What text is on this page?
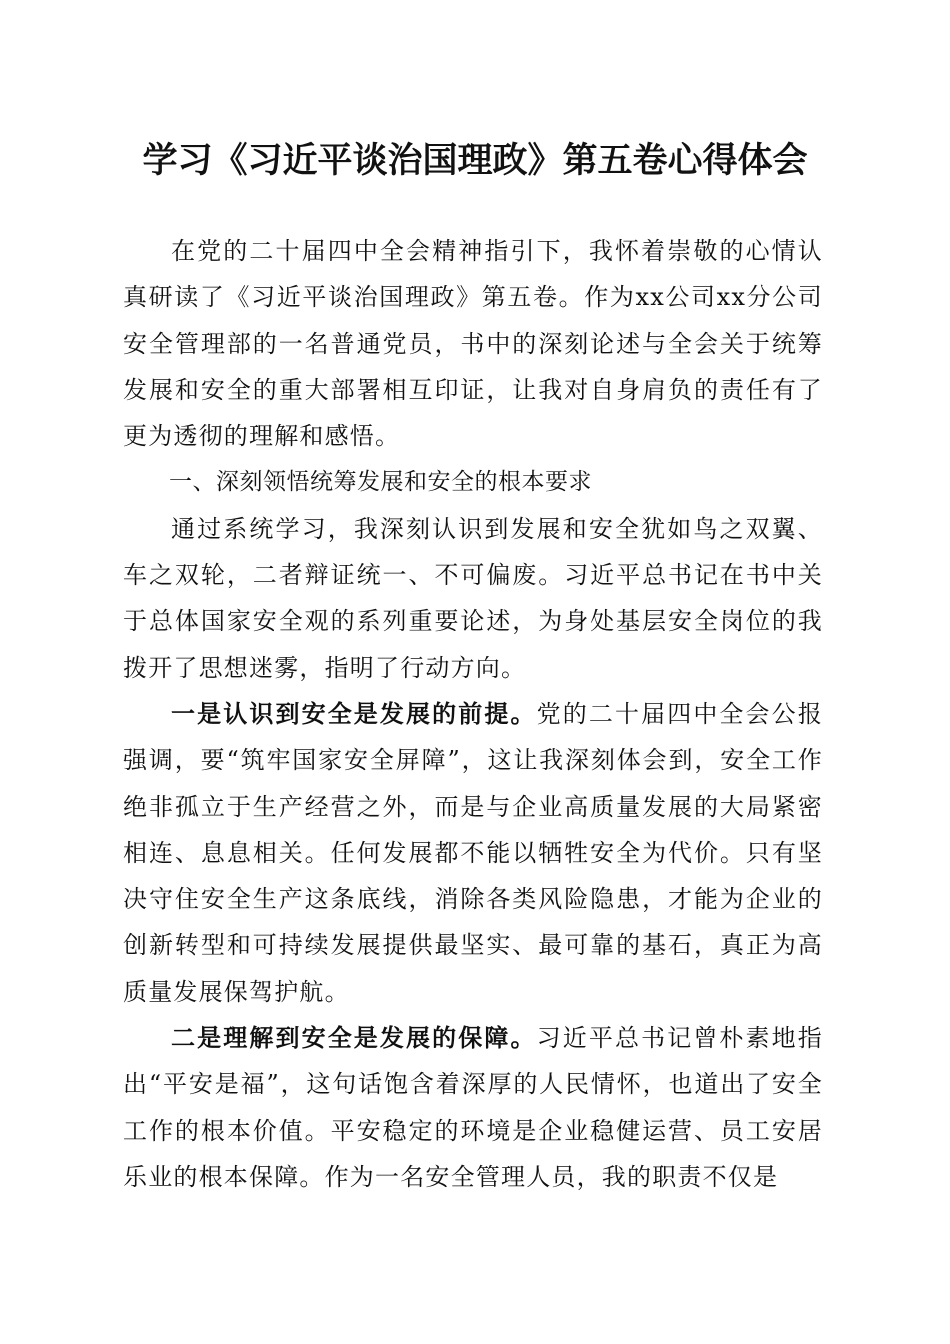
学习《习近平谈治国理政》第五卷心得体会

在党的二十届四中全会精神指引下，我怀着崇敬的心情认真研读了《习近平谈治国理政》第五卷。作为xx公司xx分公司安全管理部的一名普通党员，书中的深刻论述与全会关于统筹发展和安全的重大部署相互印证，让我对自身肩负的责任有了更为透彻的理解和感悟。

一、深刻领悟统筹发展和安全的根本要求

通过系统学习，我深刻认识到发展和安全犹如鸟之双翼、车之双轮，二者辩证统一、不可偏废。习近平总书记在书中关于总体国家安全观的系列重要论述，为身处基层安全岗位的我拨开了思想迷雾，指明了行动方向。

一是认识到安全是发展的前提。党的二十届四中全会公报强调，要“筑牢国家安全屏障”，这让我深刻体会到，安全工作绝非孤立于生产经营之外，而是与企业高质量发展的大局紧密相连、息息相关。任何发展都不能以牺牲安全为代价。只有坚决守住安全生产这条底线，消除各类风险隐患，才能为企业的创新转型和可持续发展提供最坚实、最可靠的基石，真正为高质量发展保驾护航。

二是理解到安全是发展的保障。习近平总书记曾朴素地指出“平安是福”，这句话饱含着深厚的人民情怀，也道出了安全工作的根本价值。平安稳定的环境是企业稳健运营、员工安居乐业的根本保障。作为一名安全管理人员，我的职责不仅是
